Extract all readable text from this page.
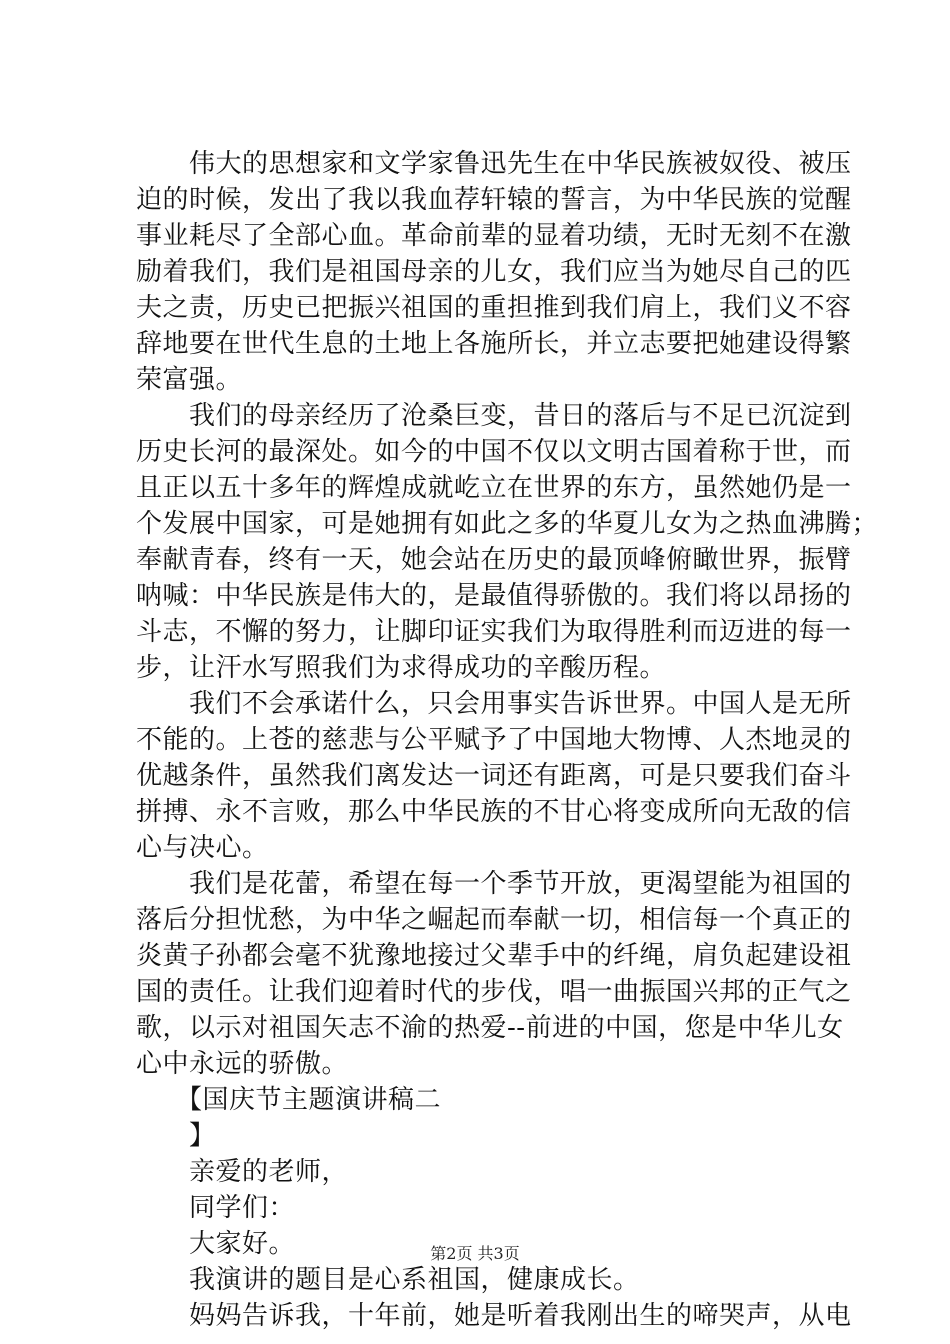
　　伟大的思想家和文学家鲁迅先生在中华民族被奴役、被压
迫的时候，发出了我以我血荐轩辕的誓言，为中华民族的觉醒
事业耗尽了全部心血。革命前辈的显着功绩，无时无刻不在激
励着我们，我们是祖国母亲的儿女，我们应当为她尽自己的匹
夫之责，历史已把振兴祖国的重担推到我们肩上，我们义不容
辞地要在世代生息的土地上各施所长，并立志要把她建设得繁
荣富强。
　　我们的母亲经历了沧桑巨变，昔日的落后与不足已沉淀到
历史长河的最深处。如今的中国不仅以文明古国着称于世，而
且正以五十多年的辉煌成就屹立在世界的东方，虽然她仍是一
个发展中国家，可是她拥有如此之多的华夏儿女为之热血沸腾；
奉献青春，终有一天，她会站在历史的最顶峰俯瞰世界，振臂
呐喊：中华民族是伟大的，是最值得骄傲的。我们将以昂扬的
斗志，不懈的努力，让脚印证实我们为取得胜利而迈进的每一
步，让汗水写照我们为求得成功的辛酸历程。
　　我们不会承诺什么，只会用事实告诉世界。中国人是无所
不能的。上苍的慈悲与公平赋予了中国地大物博、人杰地灵的
优越条件，虽然我们离发达一词还有距离，可是只要我们奋斗
拼搏、永不言败，那么中华民族的不甘心将变成所向无敌的信
心与决心。
　　我们是花蕾，希望在每一个季节开放，更渴望能为祖国的
落后分担忧愁，为中华之崛起而奉献一切，相信每一个真正的
炎黄子孙都会毫不犹豫地接过父辈手中的纤绳，肩负起建设祖
国的责任。让我们迎着时代的步伐，唱一曲振国兴邦的正气之
歌，以示对祖国矢志不渝的热爱--前进的中国，您是中华儿女
心中永远的骄傲。
　　【国庆节主题演讲稿二
　　】
　　亲爱的老师，
　　同学们：
　　大家好。
　　我演讲的题目是心系祖国，健康成长。
　　妈妈告诉我，十年前，她是听着我刚出生的啼哭声，从电
第2页 共3页
